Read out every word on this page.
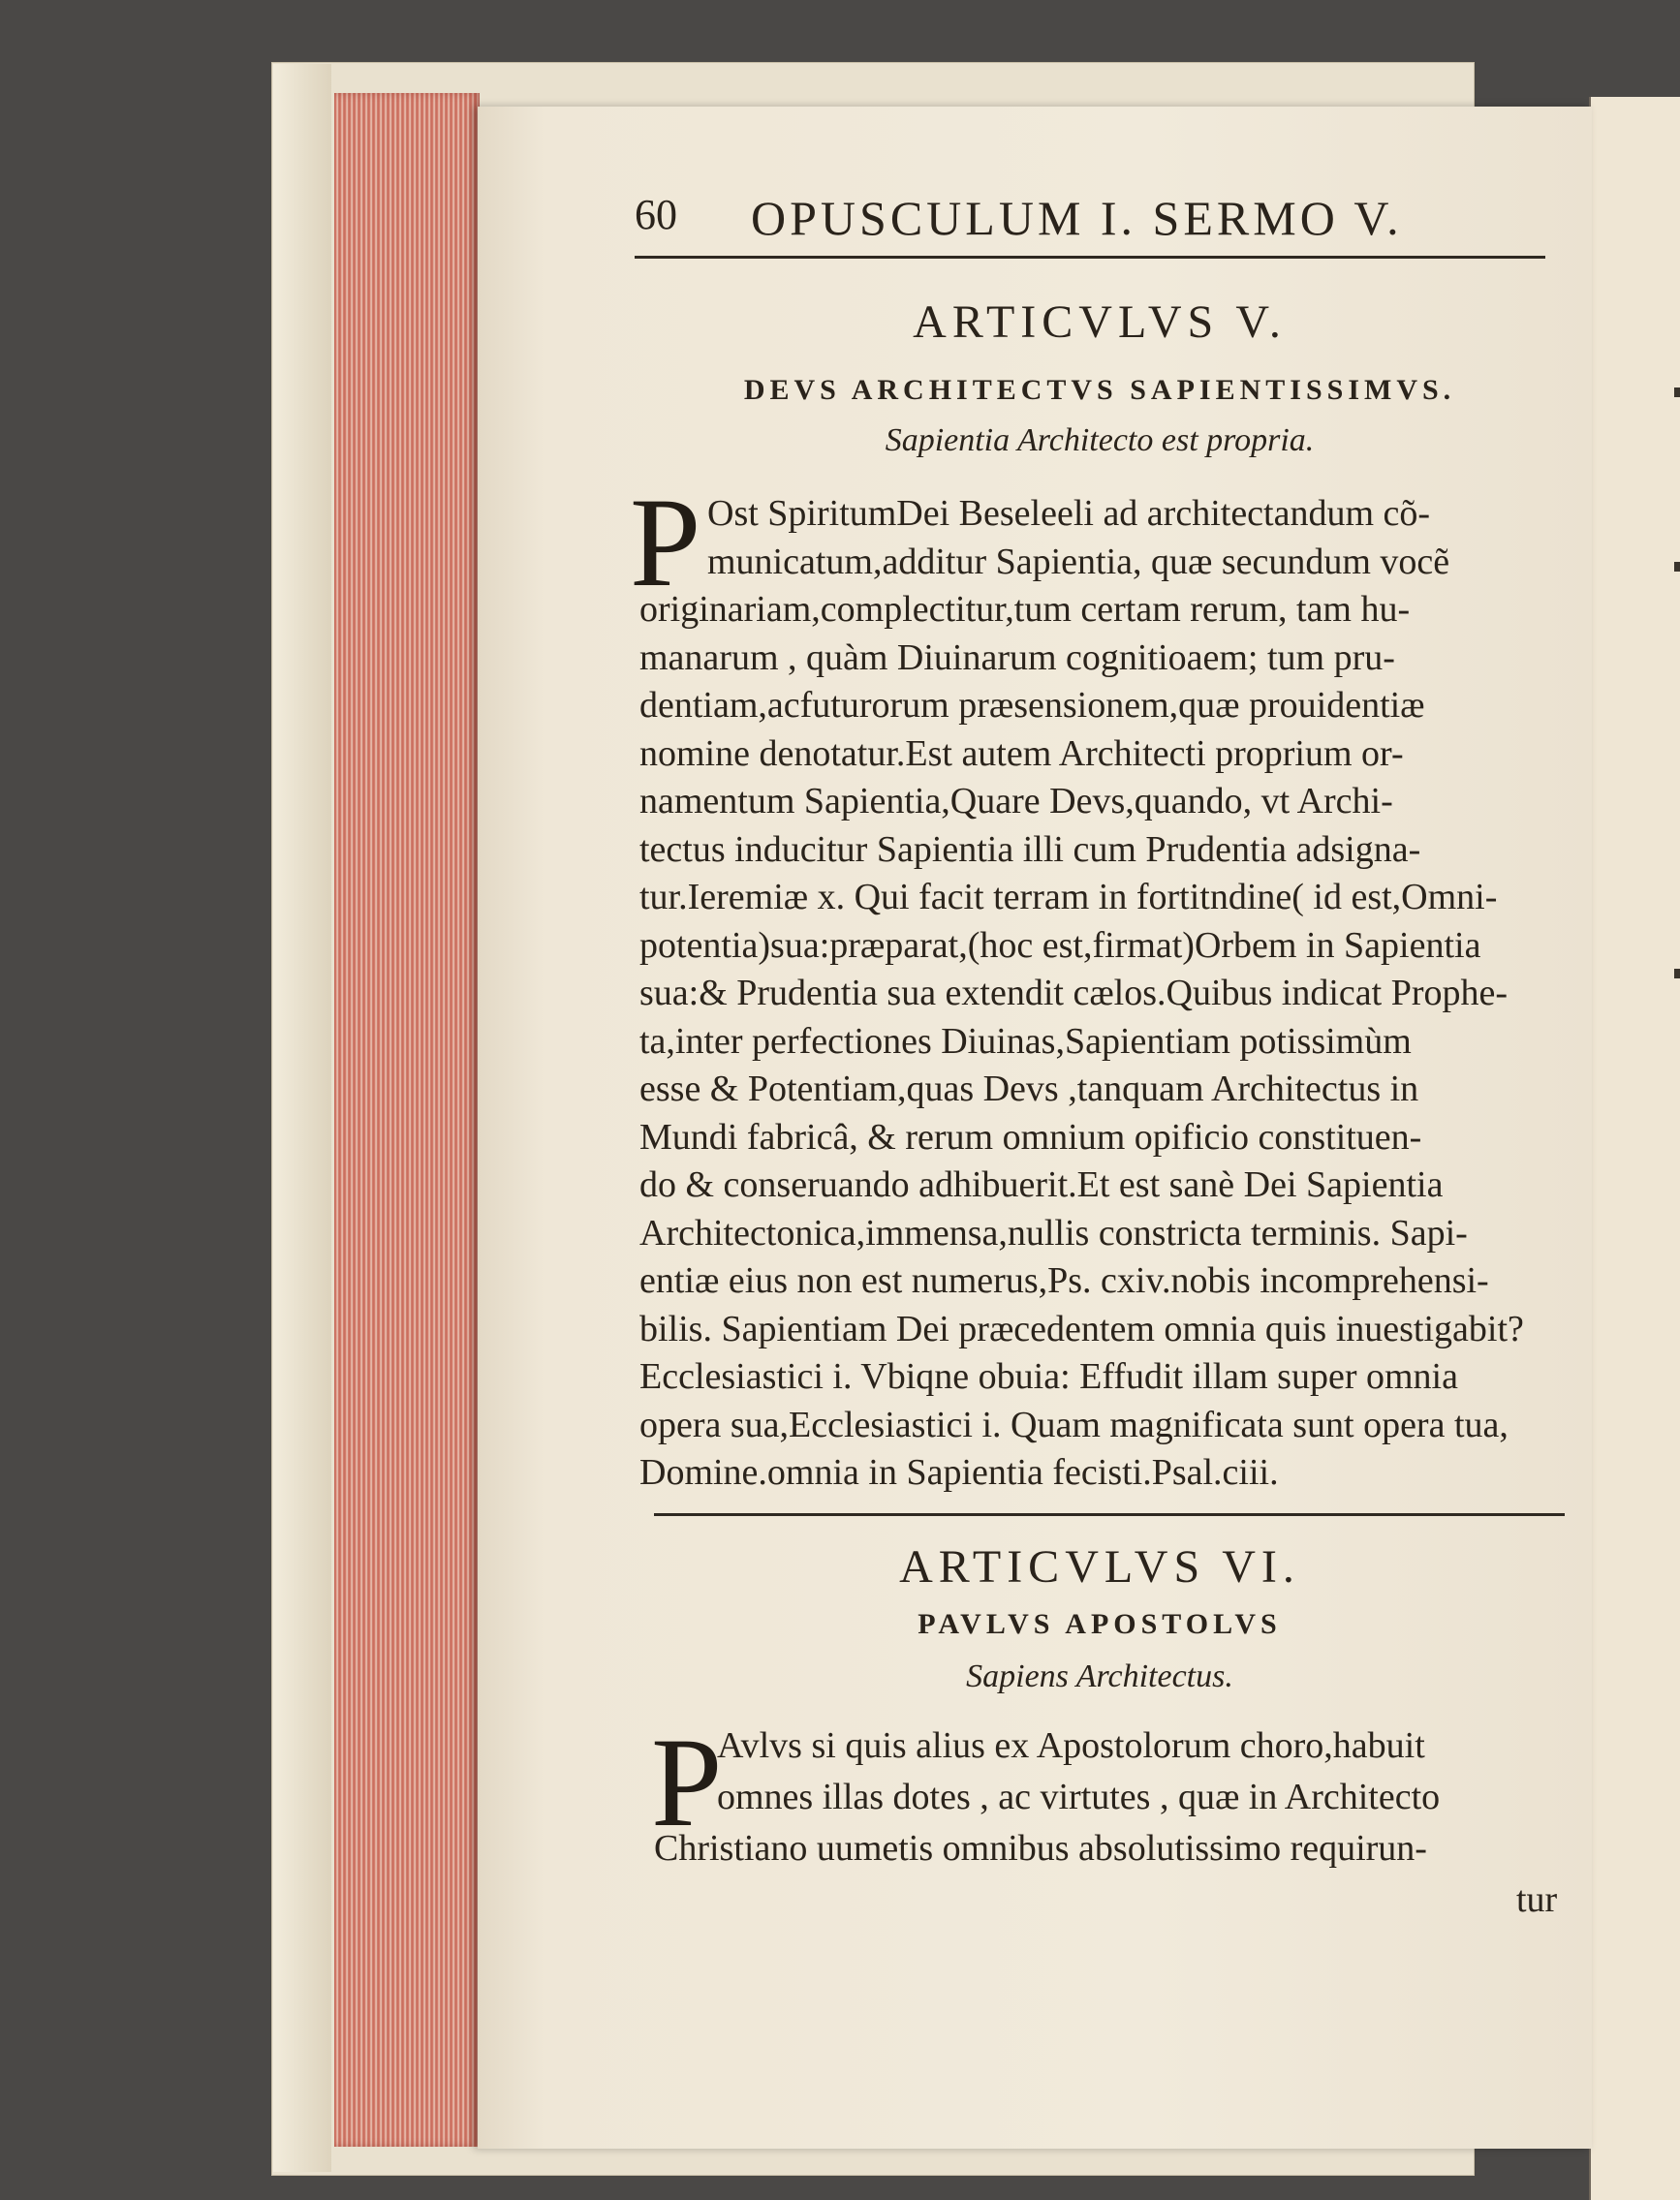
60 OPUSCULUM I. SERMO V.
ARTICVLVS V.
DEVS ARCHITECTVS SAPIENTISSIMVS.
Sapientia Architecto est propria.
P Ost SpiritumDei Beseleeli ad architectandum cõ-
municatum,additur Sapientia, quæ secundum vocẽ
originariam,complectitur,tum certam rerum, tam hu-
manarum , quàm Diuinarum cognitioaem; tum pru-
dentiam,acfuturorum præsensionem,quæ prouidentiæ
nomine denotatur.Est autem Architecti proprium or-
namentum Sapientia,Quare Devs,quando, vt Archi-
tectus inducitur Sapientia illi cum Prudentia adsigna-
tur.Ieremiæ x. Qui facit terram in fortitndine( id est,Omni-
potentia)sua:præparat,(hoc est,firmat)Orbem in Sapientia
sua:& Prudentia sua extendit cælos.Quibus indicat Prophe-
ta,inter perfectiones Diuinas,Sapientiam potissimùm
esse & Potentiam,quas Devs ,tanquam Architectus in
Mundi fabricâ, & rerum omnium opificio constituen-
do & conseruando adhibuerit.Et est sanè Dei Sapientia
Architectonica,immensa,nullis constricta terminis. Sapi-
entiæ eius non est numerus,Ps. cxiv.nobis incomprehensi-
bilis. Sapientiam Dei præcedentem omnia quis inuestigabit?
Ecclesiastici i. Vbiqne obuia: Effudit illam super omnia
opera sua,Ecclesiastici i. Quam magnificata sunt opera tua,
Domine.omnia in Sapientia fecisti.Psal.ciii.
ARTICVLVS VI.
PAVLVS APOSTOLVS
Sapiens Architectus.
P
Avlvs si quis alius ex Apostolorum choro,habuit
omnes illas dotes , ac virtutes , quæ in Architecto
Christiano uumetis omnibus absolutissimo requirun-
tur
